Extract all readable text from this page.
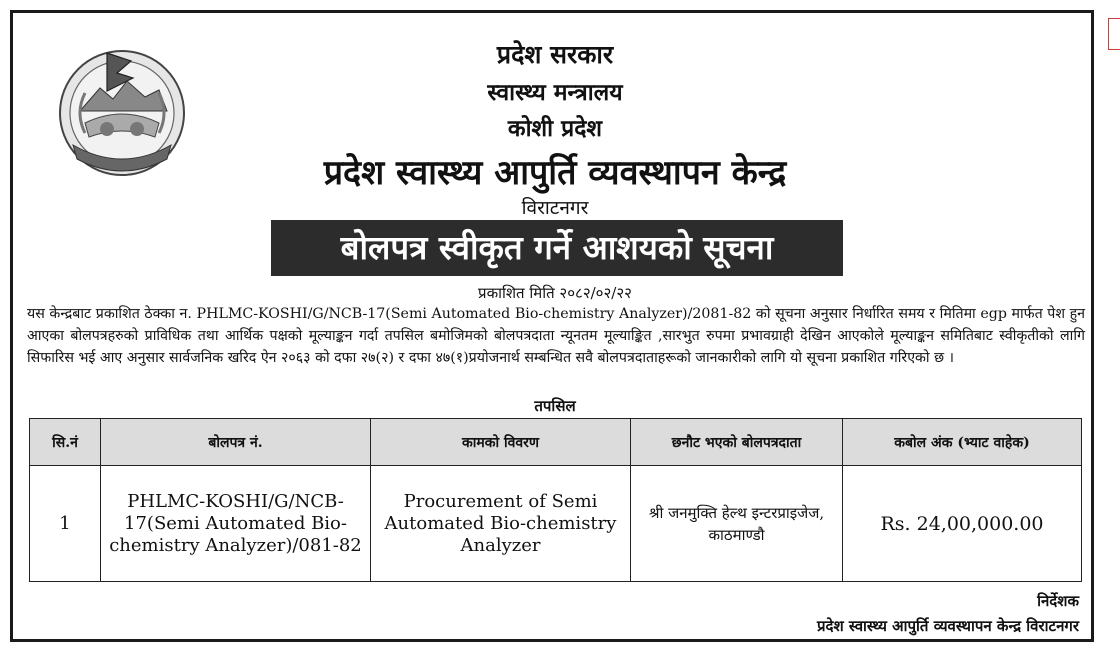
प्रदेश सरकार
स्वास्थ्य मन्त्रालय
कोशी प्रदेश
प्रदेश स्वास्थ्य आपुर्ति व्यवस्थापन केन्द्र
विराटनगर
बोलपत्र स्वीकृत गर्ने आशयको सूचना
प्रकाशित मिति २०८२/०२/२२
यस केन्द्रबाट प्रकाशित ठेक्का न. PHLMC-KOSHI/G/NCB-17(Semi Automated Bio-chemistry Analyzer)/2081-82 को सूचना अनुसार निर्धारित समय र मितिमा egp मार्फत पेश हुन आएका बोलपत्रहरुको प्राविधिक तथा आर्थिक पक्षको मूल्याङ्कन गर्दा तपसिल बमोजिमको बोलपत्रदाता न्यूनतम मूल्याङ्कित ,सारभुत रुपमा प्रभावग्राही देखिन आएकोले मूल्याङ्कन समितिबाट स्वीकृतीको लागि सिफारिस भई आए अनुसार सार्वजनिक खरिद ऐन २०६३ को दफा २७(२) र दफा ४७(१)प्रयोजनार्थ सम्बन्धित सवै बोलपत्रदाताहरूको जानकारीको लागि यो सूचना प्रकाशित गरिएको छ ।
तपसिल
सि.नं	बोलपत्र नं.	कामको विवरण	छनौट भएको बोलपत्रदाता	कबोल अंक (भ्याट वाहेक)
1	PHLMC-KOSHI/G/NCB-17(Semi Automated Bio-chemistry Analyzer)/081-82	Procurement of Semi Automated Bio-chemistry Analyzer	श्री जनमुक्ति हेल्थ इन्टरप्राइजेज, काठमाण्डौ	Rs. 24,00,000.00
निर्देशक
प्रदेश स्वास्थ्य आपुर्ति व्यवस्थापन केन्द्र विराटनगर
